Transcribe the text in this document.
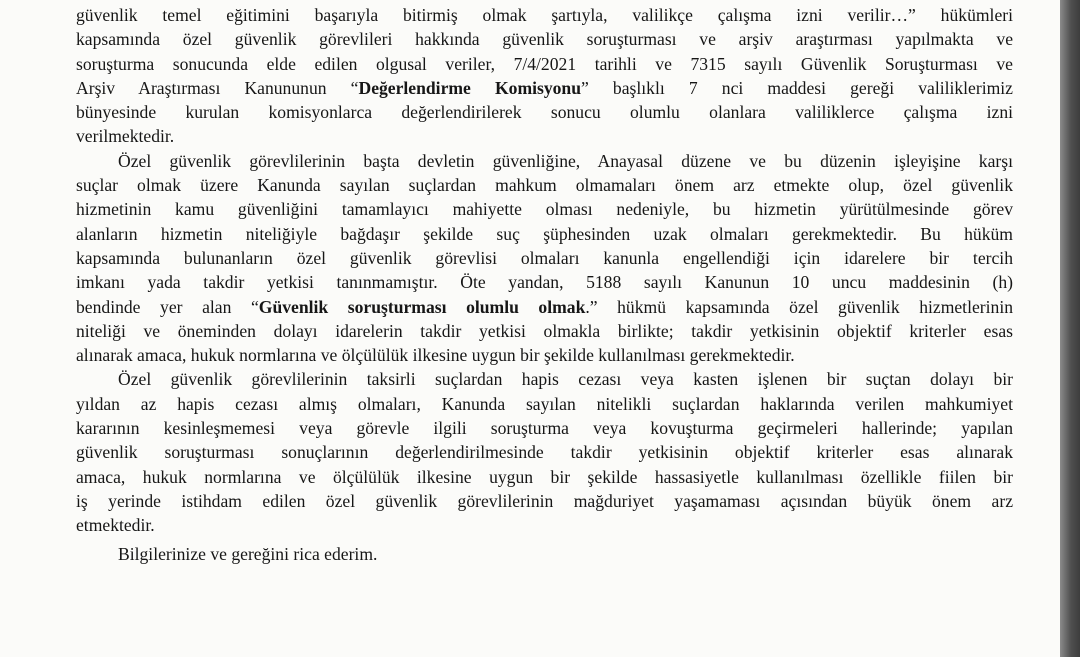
güvenlik temel eğitimini başarıyla bitirmiş olmak şartıyla, valilikçe çalışma izni verilir…” hükümleri
kapsamında özel güvenlik görevlileri hakkında güvenlik soruşturması ve arşiv araştırması yapılmakta ve
soruşturma sonucunda elde edilen olgusal veriler, 7/4/2021 tarihli ve 7315 sayılı Güvenlik Soruşturması ve
Arşiv Araştırması Kanununun “Değerlendirme Komisyonu” başlıklı 7 nci maddesi gereği valiliklerimiz
bünyesinde kurulan komisyonlarca değerlendirilerek sonucu olumlu olanlara valiliklerce çalışma izni
verilmektedir.
Özel güvenlik görevlilerinin başta devletin güvenliğine, Anayasal düzene ve bu düzenin işleyişine karşı
suçlar olmak üzere Kanunda sayılan suçlardan mahkum olmamaları önem arz etmekte olup, özel güvenlik
hizmetinin kamu güvenliğini tamamlayıcı mahiyette olması nedeniyle, bu hizmetin yürütülmesinde görev
alanların hizmetin niteliğiyle bağdaşır şekilde suç şüphesinden uzak olmaları gerekmektedir. Bu hüküm
kapsamında bulunanların özel güvenlik görevlisi olmaları kanunla engellendiği için idarelere bir tercih
imkanı yada takdir yetkisi tanınmamıştır. Öte yandan, 5188 sayılı Kanunun 10 uncu maddesinin (h)
bendinde yer alan “Güvenlik soruşturması olumlu olmak.” hükmü kapsamında özel güvenlik hizmetlerinin
niteliği ve öneminden dolayı idarelerin takdir yetkisi olmakla birlikte; takdir yetkisinin objektif kriterler esas
alınarak amaca, hukuk normlarına ve ölçülülük ilkesine uygun bir şekilde kullanılması gerekmektedir.
Özel güvenlik görevlilerinin taksirli suçlardan hapis cezası veya kasten işlenen bir suçtan dolayı bir
yıldan az hapis cezası almış olmaları, Kanunda sayılan nitelikli suçlardan haklarında verilen mahkumiyet
kararının kesinleşmemesi veya görevle ilgili soruşturma veya kovuşturma geçirmeleri hallerinde; yapılan
güvenlik soruşturması sonuçlarının değerlendirilmesinde takdir yetkisinin objektif kriterler esas alınarak
amaca, hukuk normlarına ve ölçülülük ilkesine uygun bir şekilde hassasiyetle kullanılması özellikle fiilen bir
iş yerinde istihdam edilen özel güvenlik görevlilerinin mağduriyet yaşamaması açısından büyük önem arz
etmektedir.
Bilgilerinize ve gereğini rica ederim.
